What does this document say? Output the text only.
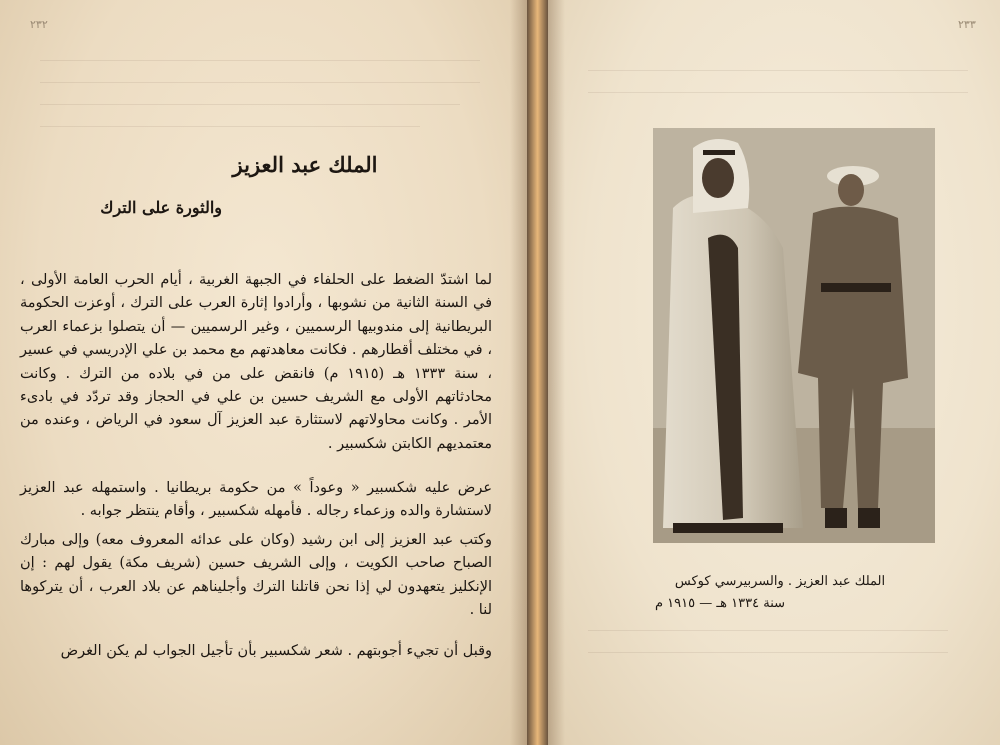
٢٣٢
الملك عبد العزيز
والثورة على الترك

لما اشتدّ الضغط على الحلفاء في الجبهة الغربية ، أيام الحرب العامة الأولى ، في السنة الثانية من نشوبها ، وأرادوا إثارة العرب على الترك ، أوعزت الحكومة البريطانية إلى مندوبيها الرسميين ، وغير الرسميين — أن يتصلوا بزعماء العرب ، في مختلف أقطارهم . فكانت معاهدتهم مع محمد بن علي الإدريسي في عسير ، سنة ١٣٣٣ هـ (١٩١٥ م) فانقض على من في بلاده من الترك . وكانت محادثاتهم الأولى مع الشريف حسين بن علي في الحجاز وقد تردّد في بادىء الأمر . وكانت محاولاتهم لاستثارة عبد العزيز آل سعود في الرياض ، وعنده من معتمديهم الكابتن شكسبير .

عرض عليه شكسبير « وعوداً » من حكومة بريطانيا . واستمهله عبد العزيز لاستشارة والده وزعماء رجاله . فأمهله شكسبير ، وأقام ينتظر جوابه .

وكتب عبد العزيز إلى ابن رشيد (وكان على عدائه المعروف معه) وإلى مبارك الصباح صاحب الكويت ، وإلى الشريف حسين (شريف مكة) يقول لهم : إن الإنكليز يتعهدون لي إذا نحن قاتلنا الترك وأجليناهم عن بلاد العرب ، أن يتركوها لنا .

وقبل أن تجيء أجوبتهم . شعر شكسبير بأن تأجيل الجواب لم يكن الغرض

٢٣٣
الملك عبد العزيز . والسربيرسي كوكس
سنة ١٣٣٤ هـ — ١٩١٥ م
